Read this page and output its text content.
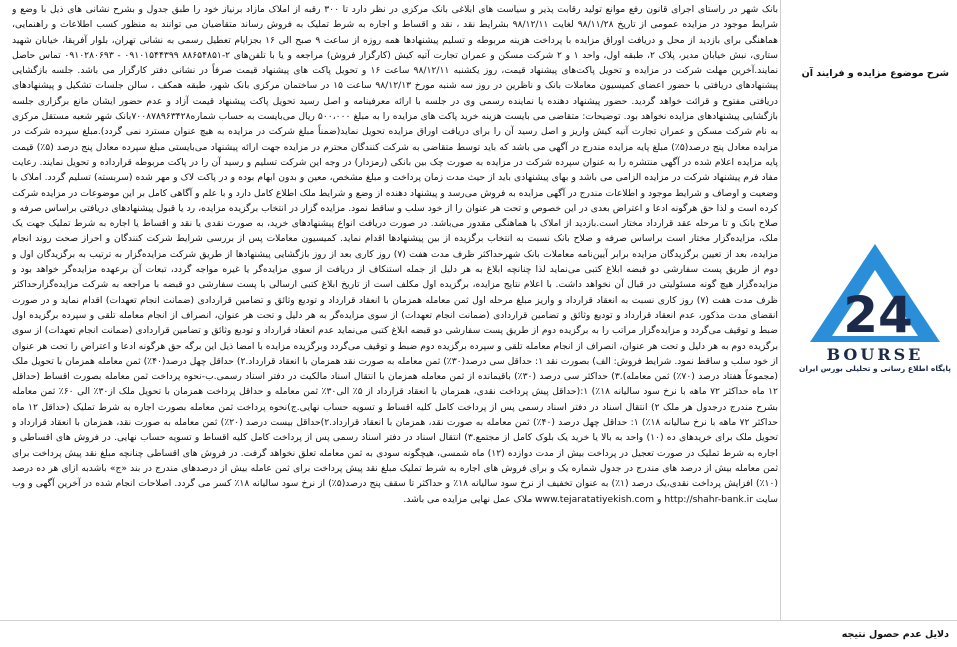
بانک شهر در راستای اجرای قانون رفع موانع تولید رقابت پذیر و سیاست های ابلاغی بانک مرکزی در نظر دارد تا ۳۰۰ رقبه از املاک مازاد برنیاز خود را طبق جدول و بشرح نشانی های ذیل با وضع و شرایط موجود در مزایده عمومی از تاریخ ۹۸/۱۱/۲۸ لغایت ۹۸/۱۲/۱۱ بشرایط نقد ، نقد و اقساط و اجاره به شرط تملیک به فروش رساند متقاضیان می توانند به منظور کسب اطلاعات و راهنمایی، هماهنگی برای بازدید از محل و دریافت اوراق مزایده با پرداخت هزینه مربوطه و تسلیم پیشنهادها همه روزه از ساعت ۹ صبح الی ۱۶ بجزایام تعطیل رسمی به نشانی تهران، بلوار آفریقا، خیابان شهید ستاری، نبش خیابان مدیر، پلاک ۲، طبقه اول، واحد ۱ و ۲ شرکت مسکن و عمران تجارت آتیه کیش (کارگزار فروش) مراجعه و یا با تلفن‌های ۲-۸۸۶۵۴۸۵۱ ۰۹۱۰۱۵۴۴۳۹۹ - ۰۹۱۰۲۸۰۶۹۳ تماس حاصل نمایند.آخرین مهلت شرکت در مزایده و تحویل پاکت‌های پیشنهاد قیمت، روز یکشنبه ۹۸/۱۲/۱۱ ساعت ۱۶ و تحویل پاکت های پیشنهاد قیمت صرفاً در نشانی دفتر کارگزار می باشد. جلسه بازگشایی پیشنهادهای دریافتی با حضور اعضای کمیسیون معاملات بانک و ناظرین در روز سه شنبه مورخ ۹۸/۱۲/۱۳ ساعت ۱۵ در ساختمان مرکزی بانک شهر، طبقه همکف ، سالن جلسات تشکیل و پیشنهادهای دریافتی مفتوح و قرائت خواهد گردید. حضور پیشنهاد دهنده یا نماینده رسمی وی در جلسه با ارائه معرفینامه و اصل رسید تحویل پاکت پیشنهاد قیمت آزاد و عدم حضور ایشان مانع برگزاری جلسه بازگشایی پیشنهادهای مزایده نخواهد بود. توضیحات: متقاضی می بایست هزینه خرید پاکت های مزایده را به مبلغ ۵۰۰،۰۰۰ ریال می‌بایست به حساب شماره۷۰۰۸۷۸۹۶۳۴۲۸بانک شهر شعبه مستقل مرکزی به نام شرکت مسکن و عمران تجارت آتیه کیش واریز و اصل رسید آن را برای دریافت اوراق مزایده تحویل نماید(ضمناً مبلغ شرکت در مزایده به هیچ عنوان مسترد نمی گردد).مبلغ سپرده شرکت در مزایده معادل پنج درصد(۵٪) مبلغ پایه مزایده مندرج در آگهی می باشد که باید توسط متقاضی به شرکت کنندگان محترم در مزایده جهت ارائه پیشنهاد می‌بایستی مبلغ سپرده معادل پنج درصد (۵٪) قیمت پایه مزایده اعلام شده در آگهی منتشره را به عنوان سپرده شرکت در مزایده به صورت چک بین بانکی (رمزدار) در وجه این شرکت تسلیم و رسید آن را در پاکت مربوطه قرارداده و تحویل نمایند. رعایت مفاد فرم پیشنهاد شرکت در مزایده الزامی می باشد و بهای پیشنهادی باید از حیث مدت زمان پرداخت و مبلغ مشخص، معین و بدون ابهام بوده و در پاکت لاک و مهر شده (سربسته) تسلیم گردد. املاک با وضعیت و اوصاف و شرایط موجود و اطلاعات مندرج در آگهی مزایده به فروش می‌رسد و پیشنهاد دهنده از وضع و شرایط ملک اطلاع کامل دارد و با علم و آگاهی کامل بر این موضوعات در مزایده شرکت کرده است و لذا حق هرگونه ادعا و اعتراض بعدی در این خصوص و تحت هر عنوان را از خود سلب و ساقط نمود. مزایده گزار در انتخاب برگزیده مزایده، رد یا قبول پیشنهادهای دریافتی براساس صرفه و صلاح بانک و تا مرحله عقد قرارداد مختار است.بازدید از املاک با هماهنگی مقدور می‌باشد. در صورت دریافت انواع پیشنهادهای خرید، به صورت نقدی یا نقد و اقساط یا اجاره به شرط تملیک جهت یک ملک، مزایده‌گزار مختار است براساس صرفه و صلاح بانک نسبت به انتخاب برگزیده از بین پیشنهادها اقدام نماید. کمیسیون معاملات پس از بررسی شرایط شرکت کنندگان و احراز صحت روند انجام مزایده، بعد از تعیین برگزیدگان مزایده برابر آیین‌نامه معاملات بانک شهرحداکثر ظرف مدت هفت (۷) روز کاری بعد از روز بازگشایی پیشنهادها از طریق شرکت مزایده‌گزار به ترتیب به برگزیدگان اول و دوم از طریق پست سفارشی دو قبضه ابلاغ کتبی می‌نماید لذا چنانچه ابلاغ به هر دلیل از جمله استنکاف از دریافت از سوی مزایده‌گر یا غیره مواجه گردد، تبعات آن برعهده مزایده‌گر خواهد بود و مزایده‌گزار هیچ گونه مسئولیتی در قبال آن نخواهد داشت. با اعلام نتایج مزایده، برگزیده اول مکلف است از تاریخ ابلاغ کتبی ارسالی با پست سفارشی دو قبضه با مراجعه به شرکت مزایده‌گزارحداکثر ظرف مدت هفت (۷) روز کاری نسبت به انعقاد قرارداد و واریز مبلغ مرحله اول ثمن معامله همزمان با انعقاد قرارداد و تودیع وثائق و تضامین قراردادی (ضمانت انجام تعهدات) اقدام نماید و در صورت انقضای مدت مذکور، عدم انعقاد قرارداد و تودیع وثائق و تضامین قراردادی (ضمانت انجام تعهدات) از سوی مزایده‌گر به هر دلیل و تحت هر عنوان، انصراف از انجام معامله تلقی و سپرده برگزیده اول ضبط و توقیف می‌گردد و مزایده‌گزار مراتب را به برگزیده دوم از طریق پست سفارشی دو قبضه ابلاغ کتبی می‌نماید عدم انعقاد قرارداد و تودیع وثائق و تضامین قراردادی (ضمانت انجام تعهدات) از سوی برگزیده دوم به هر دلیل و تحت هر عنوان، انصراف از انجام معامله تلقی و سپرده برگزیده دوم ضبط و توقیف می‌گردد وبرگزیده مزایده با امضا ذیل این برگه حق هرگونه ادعا و اعتراض را تحت هر عنوان از خود سلب و ساقط نمود. شرایط فروش: الف) بصورت نقد ۱: حداقل سی درصد(۳۰٪) ثمن معامله به صورت نقد همزمان با انعقاد قرارداد.۲) حداقل چهل درصد(۴۰٪) ثمن معامله همزمان با تحویل ملک (مجموعاً هفتاد درصد (۷۰٪) ثمن معامله).۳) حداکثر سی درصد (۳۰٪) باقیمانده از ثمن معامله همزمان با انتقال اسناد مالکیت در دفتر اسناد رسمی.ب-نحوه پرداخت ثمن معامله بصورت اقساط (حداقل ۱۲ ماه حداکثر ۷۲ ماهه با نرخ سود سالیانه ۱۸٪) ۱:(حداقل پیش پرداخت نقدی، همزمان با انعقاد قرارداد از ۵٪ الی۳۰٪ ثمن معامله و حداقل پرداخت همزمان با تحویل ملک از۳۰٪ الی ۶۰٪ ثمن معامله بشرح مندرج درجدول هر ملک ۲) انتقال اسناد در دفتر اسناد رسمی پس از پرداخت کامل کلیه اقساط و تسویه حساب نهایی.ج)نحوه پرداخت ثمن معامله بصورت اجاره به شرط تملیک (حداقل ۱۲ ماه حداکثر ۷۲ ماهه با نرخ سالیانه ۱۸٪) ۱: حداقل چهل درصد (۴۰٪) ثمن معامله به صورت نقد، همزمان با انعقاد قرارداد.۲)حداقل بیست درصد (۲۰٪) ثمن معامله به صورت نقد، همزمان با انعقاد قرارداد و تحویل ملک برای خریدهای ده (۱۰) واحد به بالا یا خرید یک بلوک کامل از مجتمع.۳) انتقال اسناد در دفتر اسناد رسمی پس از پرداخت کامل کلیه اقساط و تسویه حساب نهایی. در فروش های اقساطی و اجاره به شرط تملیک در صورت تعجیل در پرداخت بیش از مدت دوازده (۱۲) ماه شمسی، هیچگونه سودی به ثمن معامله تعلق نخواهد گرفت. در فروش های اقساطی چنانچه مبلغ نقد پیش پرداخت برای ثمن معامله بیش از درصد های مندرج در جدول شماره یک و برای فروش های اجاره به شرط تملیک مبلغ نقد پیش پرداخت برای ثمن عامله بیش از درصدهای مندرج در بند «ج» باشدبه ازای هر ده درصد (۱۰٪) افزایش پرداخت نقدی،یک درصد (۱٪) به عنوان تخفیف از نرخ سود سالیانه ۱۸٪ و حداکثر تا سقف پنج درصد(۵٪) از نرخ سود سالیانه ۱۸٪ کسر می گردد. اصلاحات انجام شده در آخرین آگهی و وب سایت http://shahr-bank.ir و www.tejaratatiyekish.com ملاک عمل نهایی مزایده می باشد.

شرح موضوع مزایده و فرایند آن
24
BOURSE
پایگاه اطلاع رسانی و تحلیلی بورس ایران
دلایل عدم حصول نتیجه
